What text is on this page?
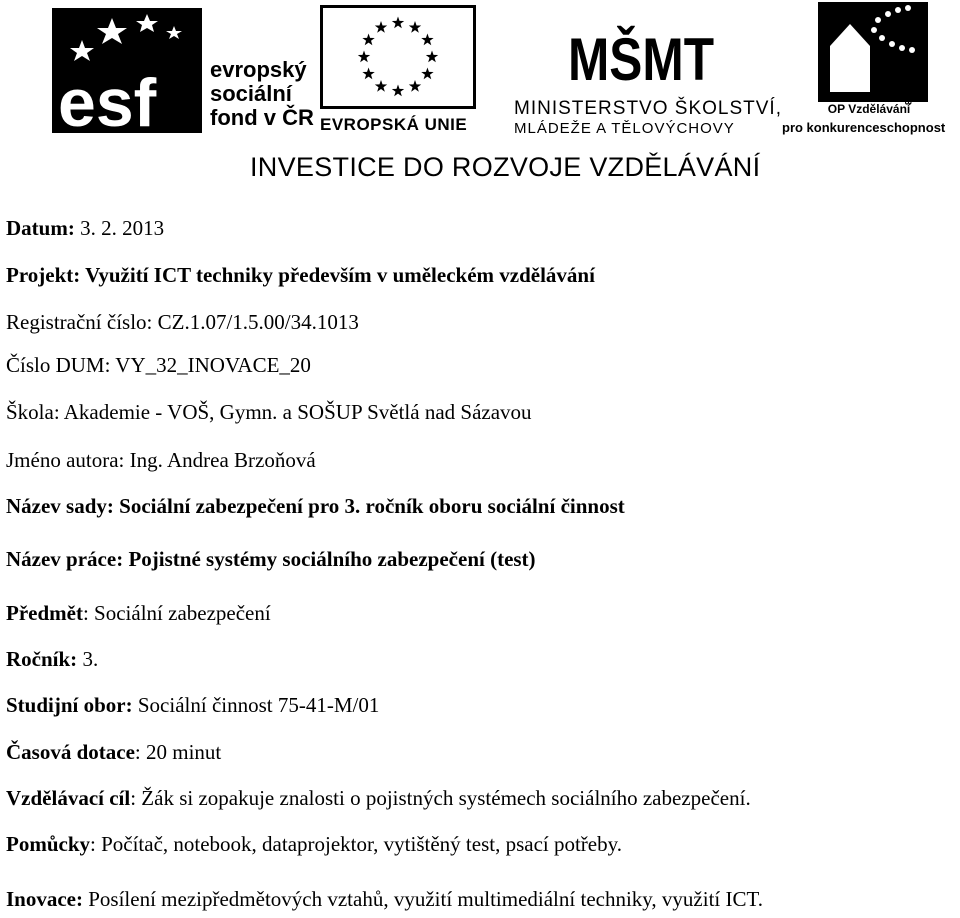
esf evropský
sociální
fond v ČR EVROPSKÁ UNIE
MŠMT
MINISTERSTVO ŠKOLSTVÍ,
MLÁDEŽE A TĚLOVÝCHOVY
2007-13
OP Vzdělávání
pro konkurenceschopnost
INVESTICE DO ROZVOJE VZDĚLÁVÁNÍ
Datum: 3. 2. 2013
Projekt: Využití ICT techniky především v uměleckém vzdělávání
Registrační číslo: CZ.1.07/1.5.00/34.1013
Číslo DUM: VY_32_INOVACE_20
Škola: Akademie - VOŠ, Gymn. a SOŠUP Světlá nad Sázavou
Jméno autora: Ing. Andrea Brzoňová
Název sady: Sociální zabezpečení pro 3. ročník oboru sociální činnost
Název práce: Pojistné systémy sociálního zabezpečení (test)
Předmět: Sociální zabezpečení
Ročník: 3.
Studijní obor: Sociální činnost 75-41-M/01
Časová dotace: 20 minut
Vzdělávací cíl: Žák si zopakuje znalosti o pojistných systémech sociálního zabezpečení.
Pomůcky: Počítač, notebook, dataprojektor, vytištěný test, psací potřeby.
Inovace: Posílení mezipředmětových vztahů, využití multimediální techniky, využití ICT.
